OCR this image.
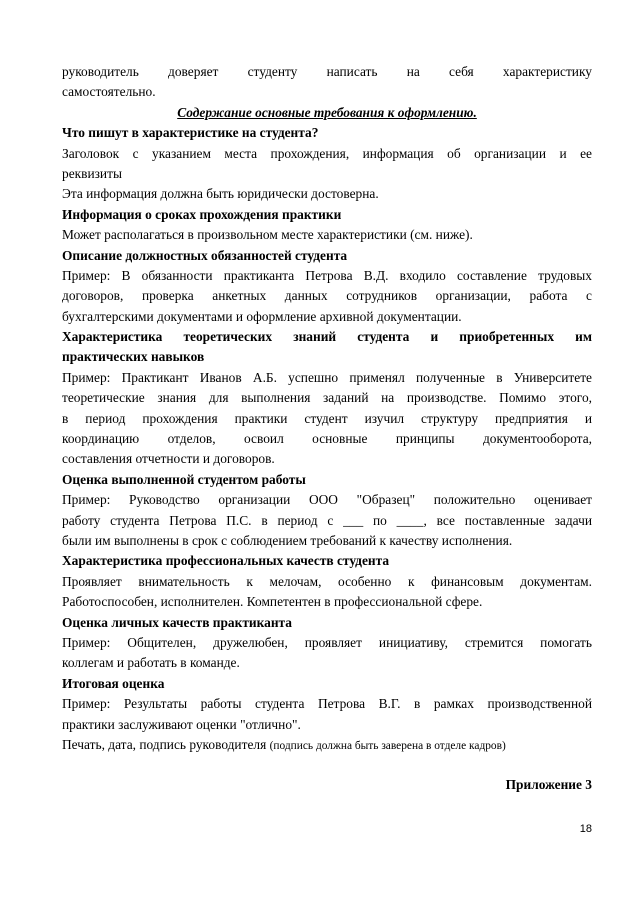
руководитель доверяет студенту написать на себя характеристику
самостоятельно.
Содержание основные требования к оформлению.
Что пишут в характеристике на студента?
Заголовок с указанием места прохождения, информация об организации и ее
реквизиты
Эта информация должна быть юридически достоверна.
Информация о сроках прохождения практики
Может располагаться в произвольном месте характеристики (см. ниже).
Описание должностных обязанностей студента
Пример: В обязанности практиканта Петрова В.Д. входило составление трудовых
договоров, проверка анкетных данных сотрудников организации, работа с
бухгалтерскими документами и оформление архивной документации.
Характеристика теоретических знаний студента и приобретенных им
практических навыков
Пример: Практикант Иванов А.Б. успешно применял полученные в Университете
теоретические знания для выполнения заданий на производстве. Помимо этого,
в период прохождения практики студент изучил структуру предприятия и
координацию отделов, освоил основные принципы документооборота,
составления отчетности и договоров.
Оценка выполненной студентом работы
Пример: Руководство организации ООО "Образец" положительно оценивает
работу студента Петрова П.С. в период с ___ по ____, все поставленные задачи
были им выполнены в срок с соблюдением требований к качеству исполнения.
Характеристика профессиональных качеств студента
Проявляет внимательность к мелочам, особенно к финансовым документам.
Работоспособен, исполнителен. Компетентен в профессиональной сфере.
Оценка личных качеств практиканта
Пример: Общителен, дружелюбен, проявляет инициативу, стремится помогать
коллегам и работать в команде.
Итоговая оценка
Пример: Результаты работы студента Петрова В.Г. в рамках производственной
практики заслуживают оценки "отлично".
Печать, дата, подпись руководителя (подпись должна быть заверена в отделе кадров)
Приложение 3
18
